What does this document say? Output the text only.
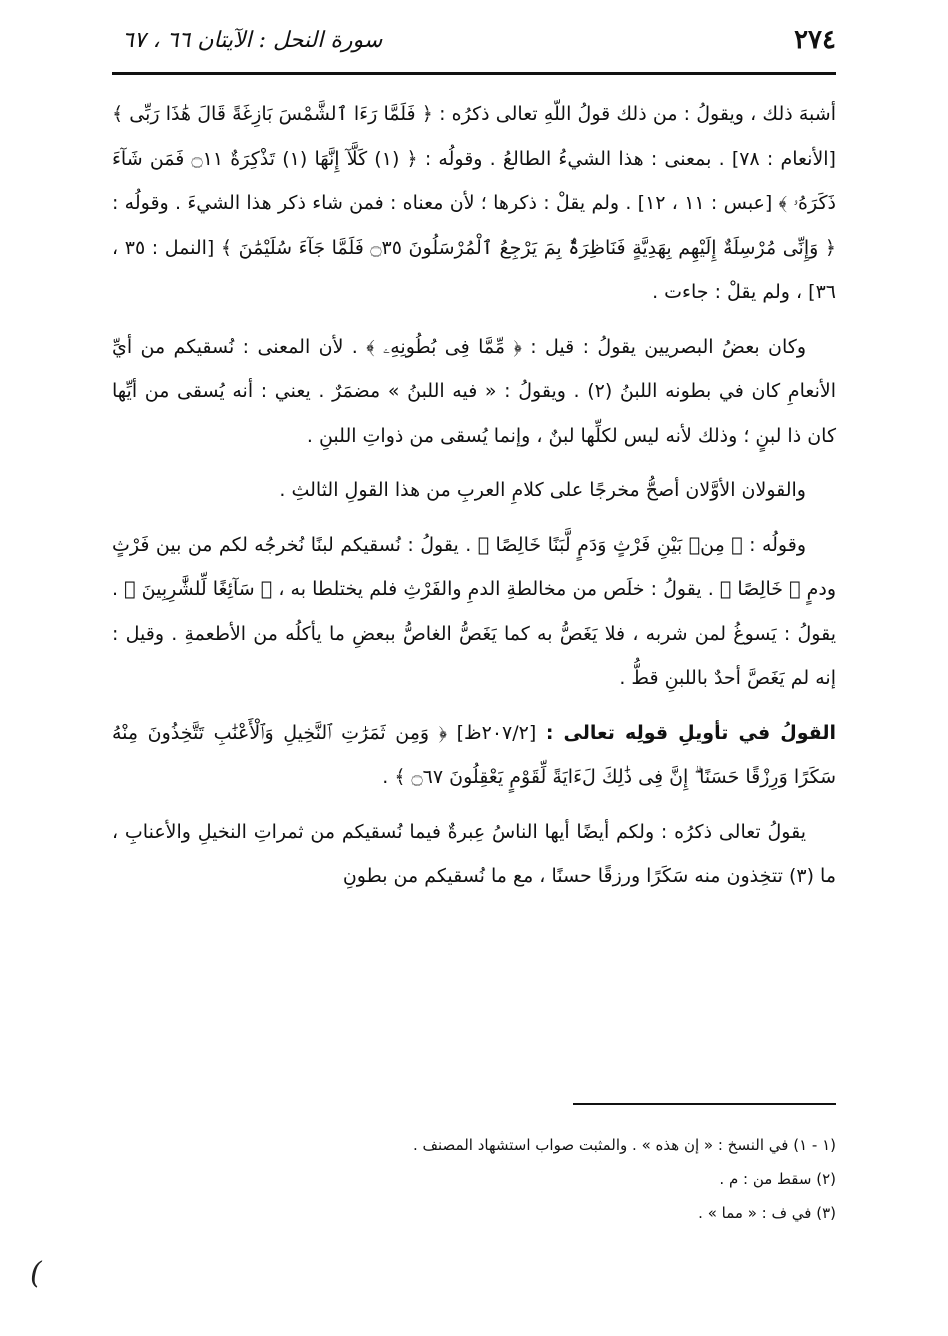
٢٧٤
سورة النحل : الآيتان ٦٦ ، ٦٧

أشبهَ ذلك ، ويقولُ : من ذلك قولُ اللّهِ تعالى ذكرُه : ﴿ فَلَمَّا رَءَا ٱلشَّمْسَ بَازِغَةً قَالَ هَٰذَا رَبِّى ﴾ [الأنعام : ٧٨] . بمعنى : هذا الشيءُ الطالعُ . وقولُه : ﴿ (١) كَلَّآ إِنَّهَا (١) تَذْكِرَةٌ ۝١١ فَمَن شَآءَ ذَكَرَهُۥ ﴾ [عبس : ١١ ، ١٢] . ولم يقلْ : ذكرها ؛ لأن معناه : فمن شاء ذكر هذا الشيءَ . وقولُه : ﴿ وَإِنِّى مُرْسِلَةٌ إِلَيْهِم بِهَدِيَّةٍ فَنَاظِرَةٌۢ بِمَ يَرْجِعُ ٱلْمُرْسَلُونَ ۝٣٥ فَلَمَّا جَآءَ سُلَيْمَٰنَ ﴾ [النمل : ٣٥ ، ٣٦] ، ولم يقلْ : جاءت .

وكان بعضُ البصريين يقولُ : قيل : ﴿ مِّمَّا فِى بُطُونِهِۦ ﴾ . لأن المعنى : نُسقيكم من أيِّ الأنعامِ كان في بطونه اللبنُ (٢) . ويقولُ : « فيه اللبنُ » مضمَرٌ . يعني : أنه يُسقى من أيِّها كان ذا لبنٍ ؛ وذلك لأنه ليس لكلِّها لبنٌ ، وإنما يُسقى من ذواتِ اللبنِ .

والقولان الأوَّلان أصحُّ مخرجًا على كلامِ العربِ من هذا القولِ الثالثِ .

وقولُه : ﴿ مِنۢ بَيْنِ فَرْثٍ وَدَمٍ لَّبَنًا خَالِصًا ﴾ . يقولُ : نُسقيكم لبنًا نُخرجُه لكم من بين فَرْثٍ ودمٍ ﴿ خَالِصًا ﴾ . يقولُ : خلَص من مخالطةِ الدمِ والفَرْثِ فلم يختلطا به ، ﴿ سَآئِغًا لِّلشَّٰرِبِينَ ﴾ . يقولُ : يَسوغُ لمن شربه ، فلا يَغَصُّ به كما يَغَصُّ الغاصُّ ببعضِ ما يأكلُه من الأطعمةِ . وقيل : إنه لم يَغَصَّ أحدٌ باللبنِ قطُّ .

القولُ في تأويلِ قولِه تعالى : [٢٠٧/٢ظ] ﴿ وَمِن ثَمَرَٰتِ ٱلنَّخِيلِ وَٱلْأَعْنَٰبِ تَتَّخِذُونَ مِنْهُ سَكَرًا وَرِزْقًا حَسَنًا ۗ إِنَّ فِى ذَٰلِكَ لَءَايَةً لِّقَوْمٍ يَعْقِلُونَ ۝٦٧ ﴾ .

يقولُ تعالى ذكرُه : ولكم أيضًا أيها الناسُ عِبرةٌ فيما نُسقيكم من ثمراتِ النخيلِ والأعنابِ ، ما (٣) تتخِذون منه سَكَرًا ورزقًا حسنًا ، مع ما نُسقيكم من بطونِ

(١ - ١) في النسخ : « إن هذه » . والمثبت صواب استشهاد المصنف .

(٢) سقط من : م .

(٣) في ف : « مما » .

(
